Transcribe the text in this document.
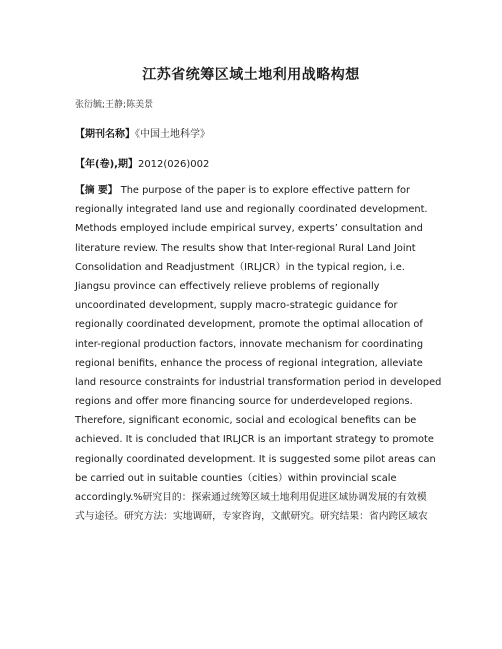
江苏省统筹区域土地利用战略构想
张衍毓;王静;陈美景
【期刊名称】《中国土地科学》
【年(卷),期】2012(026)002
【摘 要】 The purpose of the paper is to explore effective pattern for
regionally integrated land use and regionally coordinated development.
Methods employed include empirical survey, experts’ consultation and
literature review. The results show that Inter-regional Rural Land Joint
Consolidation and Readjustment（IRLJCR）in the typical region, i.e.
Jiangsu province can effectively relieve problems of regionally
uncoordinated development, supply macro-strategic guidance for
regionally coordinated development, promote the optimal allocation of
inter-regional production factors, innovate mechanism for coordinating
regional benifits, enhance the process of regional integration, alleviate
land resource constraints for industrial transformation period in developed
regions and offer more financing source for underdeveloped regions.
Therefore, significant economic, social and ecological benefits can be
achieved. It is concluded that IRLJCR is an important strategy to promote
regionally coordinated development. It is suggested some pilot areas can
be carried out in suitable counties（cities）within provincial scale
accordingly.%研究目的：探索通过统筹区域土地利用促进区域协调发展的有效模
式与途径。研究方法：实地调研，专家咨询，文献研究。研究结果：省内跨区域农
